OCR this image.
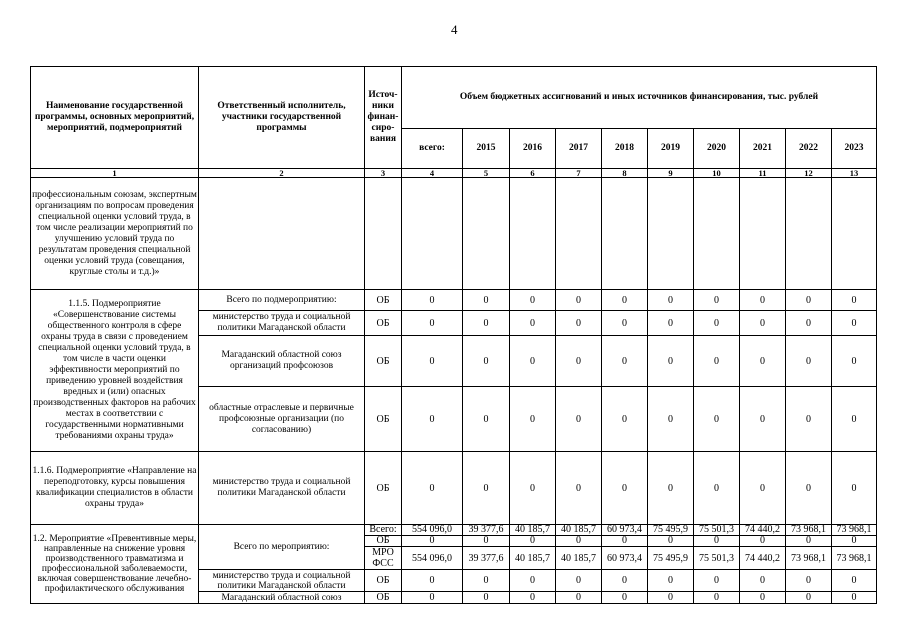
4
Наименование государственной программы, основных мероприятий, мероприятий, подмероприятий	Ответственный исполнитель, участники государственной программы	Источ-ники финан-сиро-вания	Объем бюджетных ассигнований и иных источников финансирования, тыс. рублей									
			всего:	2015	2016	2017	2018	2019	2020	2021	2022	2023
1	2	3	4	5	6	7	8	9	10	11	12	13
профессиональным союзам, экспертным организациям по вопросам проведения специальной оценки условий труда, в том числе реализации мероприятий по улучшению условий труда по результатам проведения специальной оценки условий труда (совещания, круглые столы и т.д.)»												
1.1.5. Подмероприятие «Совершенствование системы общественного контроля в сфере охраны труда в связи с проведением специальной оценки условий труда, в том числе в части оценки эффективности мероприятий по приведению уровней воздействия вредных и (или) опасных производственных факторов на рабочих местах в соответствии с государственными нормативными требованиями охраны труда»	Всего по подмероприятию:	ОБ	0	0	0	0	0	0	0	0	0	0
	министерство труда и социальной политики Магаданской области	ОБ	0	0	0	0	0	0	0	0	0	0
	Магаданский областной союз организаций профсоюзов	ОБ	0	0	0	0	0	0	0	0	0	0
	областные отраслевые и первичные профсоюзные организации (по согласованию)	ОБ	0	0	0	0	0	0	0	0	0	0
1.1.6. Подмероприятие «Направление на переподготовку, курсы повышения квалификации специалистов в области охраны труда»	министерство труда и социальной политики Магаданской области	ОБ	0	0	0	0	0	0	0	0	0	0
1.2. Мероприятие «Превентивные меры, направленные на снижение уровня производственного травматизма и профессиональной заболеваемости, включая совершенствование лечебно-профилактического обслуживания	Всего по мероприятию:	Всего:	554 096,0	39 377,6	40 185,7	40 185,7	60 973,4	75 495,9	75 501,3	74 440,2	73 968,1	73 968,1
		ОБ	0	0	0	0	0	0	0	0	0	0
		МРО ФСС	554 096,0	39 377,6	40 185,7	40 185,7	60 973,4	75 495,9	75 501,3	74 440,2	73 968,1	73 968,1
	министерство труда и социальной политики Магаданской области	ОБ	0	0	0	0	0	0	0	0	0	0
	Магаданский областной союз	ОБ	0	0	0	0	0	0	0	0	0	0
